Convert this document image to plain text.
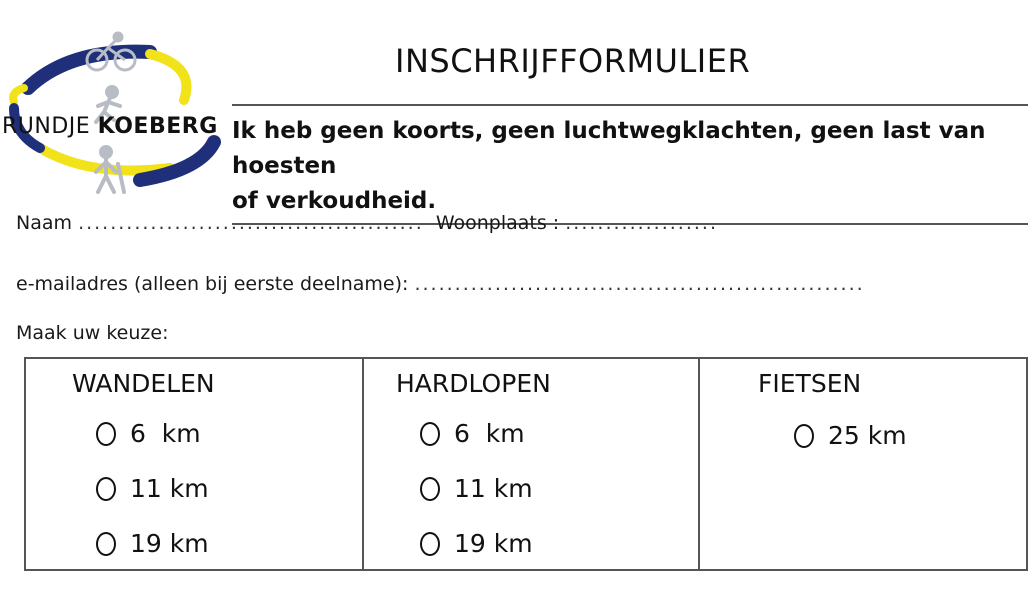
RUNDJE KOEBERG
INSCHRIJFFORMULIER

Ik heb geen koorts, geen luchtwegklachten, geen last van hoesten

of verkoudheid.

Naam ........................................... Woonplaats : ...................
e-mailadres (alleen bij eerste deelname): ........................................................
Maak uw keuze:
WANDELEN
6  km
11 km
19 km
HARDLOPEN
6  km
11 km
19 km
FIETSEN
25 km
